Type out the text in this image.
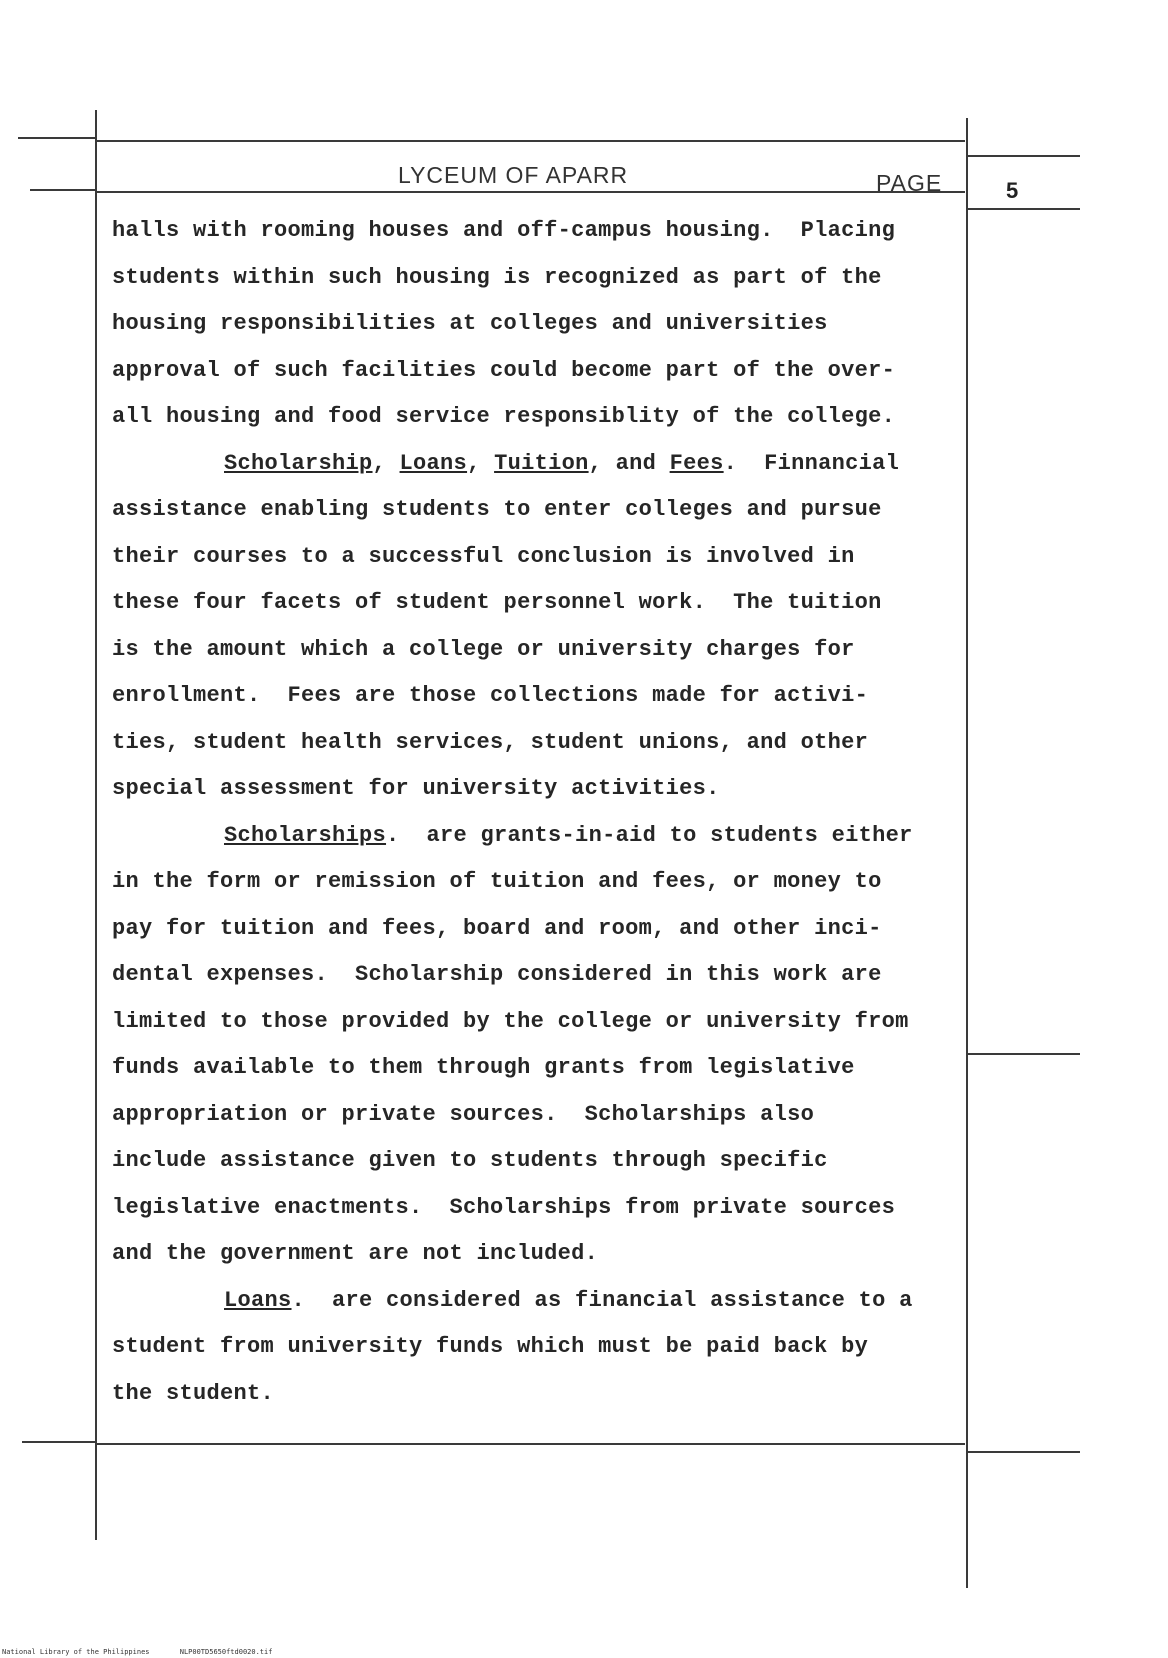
LYCEUM OF APARR	PAGE	5
halls with rooming houses and off-campus housing.  Placing
students within such housing is recognized as part of the
housing responsibilities at colleges and universities
approval of such facilities could become part of the over-
all housing and food service responsiblity of the college.
Scholarship, Loans, Tuition, and Fees.  Finnancial
assistance enabling students to enter colleges and pursue
their courses to a successful conclusion is involved in
these four facets of student personnel work.  The tuition
is the amount which a college or university charges for
enrollment.  Fees are those collections made for activi-
ties, student health services, student unions, and other
special assessment for university activities.
Scholarships.  are grants-in-aid to students either
in the form or remission of tuition and fees, or money to
pay for tuition and fees, board and room, and other inci-
dental expenses.  Scholarship considered in this work are
limited to those provided by the college or university from
funds available to them through grants from legislative
appropriation or private sources.  Scholarships also
include assistance given to students through specific
legislative enactments.  Scholarships from private sources
and the government are not included.
Loans.  are considered as financial assistance to a
student from university funds which must be paid back by
the student.
National Library of the Philippines	NLP00TD5650ftd0020.tif
